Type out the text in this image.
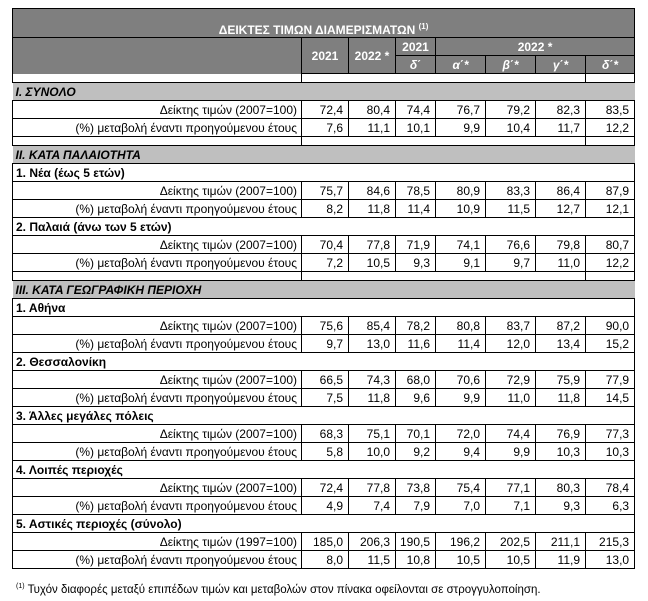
ΔΕΙΚΤΕΣ ΤΙΜΩΝ ΔΙΑΜΕΡΙΣΜΑΤΩΝ $^{(1)}$
	2021	2022 *	2021	2022 *			
			δ΄	α΄*	β΄*	γ΄*	δ΄*

I. ΣΥΝΟΛΟ							
Δείκτης τιμών (2007=100)	72,4	80,4	74,4	76,7	79,2	82,3	83,5
(%) μεταβολή έναντι προηγούμενου έτους	7,6	11,1	10,1	9,9	10,4	11,7	12,2

II. ΚΑΤΑ ΠΑΛΑΙΟΤΗΤΑ							
1. Νέα (έως 5 ετών)							
Δείκτης τιμών (2007=100)	75,7	84,6	78,5	80,9	83,3	86,4	87,9
(%) μεταβολή έναντι προηγούμενου έτους	8,2	11,8	11,4	10,9	11,5	12,7	12,1
2. Παλαιά (άνω των 5 ετών)							
Δείκτης τιμών (2007=100)	70,4	77,8	71,9	74,1	76,6	79,8	80,7
(%) μεταβολή έναντι προηγούμενου έτους	7,2	10,5	9,3	9,1	9,7	11,0	12,2

III. ΚΑΤΑ ΓΕΩΓΡΑΦΙΚΗ ΠΕΡΙΟΧΗ							
1. Αθήνα							
Δείκτης τιμών (2007=100)	75,6	85,4	78,2	80,8	83,7	87,2	90,0
(%) μεταβολή έναντι προηγούμενου έτους	9,7	13,0	11,6	11,4	12,0	13,4	15,2
2. Θεσσαλονίκη							
Δείκτης τιμών (2007=100)	66,5	74,3	68,0	70,6	72,9	75,9	77,9
(%) μεταβολή έναντι προηγούμενου έτους	7,5	11,8	9,6	9,9	11,0	11,8	14,5
3. Άλλες μεγάλες πόλεις							
Δείκτης τιμών (2007=100)	68,3	75,1	70,1	72,0	74,4	76,9	77,3
(%) μεταβολή έναντι προηγούμενου έτους	5,8	10,0	9,2	9,4	9,9	10,3	10,3
4. Λοιπές περιοχές							
Δείκτης τιμών (2007=100)	72,4	77,8	73,8	75,4	77,1	80,3	78,4
(%) μεταβολή έναντι προηγούμενου έτους	4,9	7,4	7,9	7,0	7,1	9,3	6,3
5. Αστικές περιοχές (σύνολο)							
Δείκτης τιμών (1997=100)	185,0	206,3	190,5	196,2	202,5	211,1	215,3
(%) μεταβολή έναντι προηγούμενου έτους	8,0	11,5	10,8	10,5	10,5	11,9	13,0
$^{(1)}$ Τυχόν διαφορές μεταξύ επιπέδων τιμών και μεταβολών στον πίνακα οφείλονται σε στρογγυλοποίηση.
